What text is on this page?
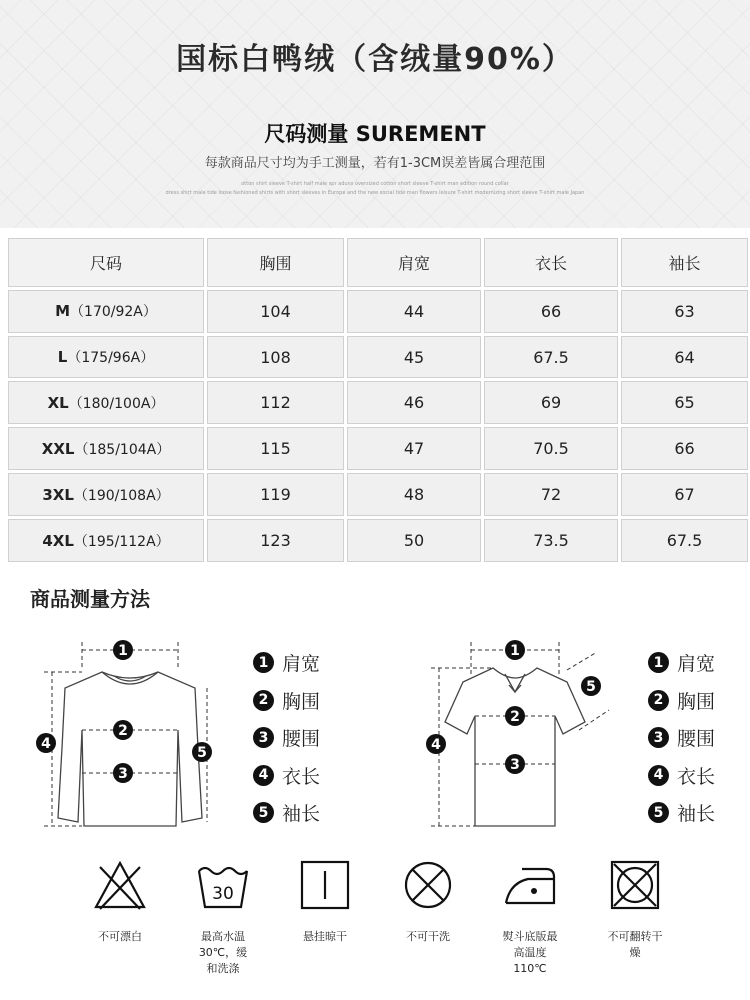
国标白鸭绒（含绒量90%）
尺码测量 SUREMENT
每款商品尺寸均为手工测量，若有1-3CM误差皆属合理范围
otton shirt sleeve T-shirt half male spr aduns oversized cotton short sleeve T-shirt man edition round collar
dress shirt male tide loose fashioned shirts with short sleeves in Europe and the new social tide man flowers leisure T-shirt modernizing short sleeve T-shirt male Japan
尺码	胸围	肩宽	衣长	袖长
M（170/92A）	104	44	66	63
L（175/96A）	108	45	67.5	64
XL（180/100A）	112	46	69	65
XXL（185/104A）	115	47	70.5	66
3XL（190/108A）	119	48	72	67
4XL（195/112A）	123	50	73.5	67.5
商品测量方法
1
2
3
4
5
1 肩宽
2 胸围
3 腰围
4 衣长
5 袖长
1
2
3
4
5
1 肩宽
2 胸围
3 腰围
4 衣长
5 袖长
不可漂白
30
最高水温
30℃，缓
和洗涤
悬挂晾干	不可干洗	熨斗底版最
高温度
110℃
不可翻转干
燥
